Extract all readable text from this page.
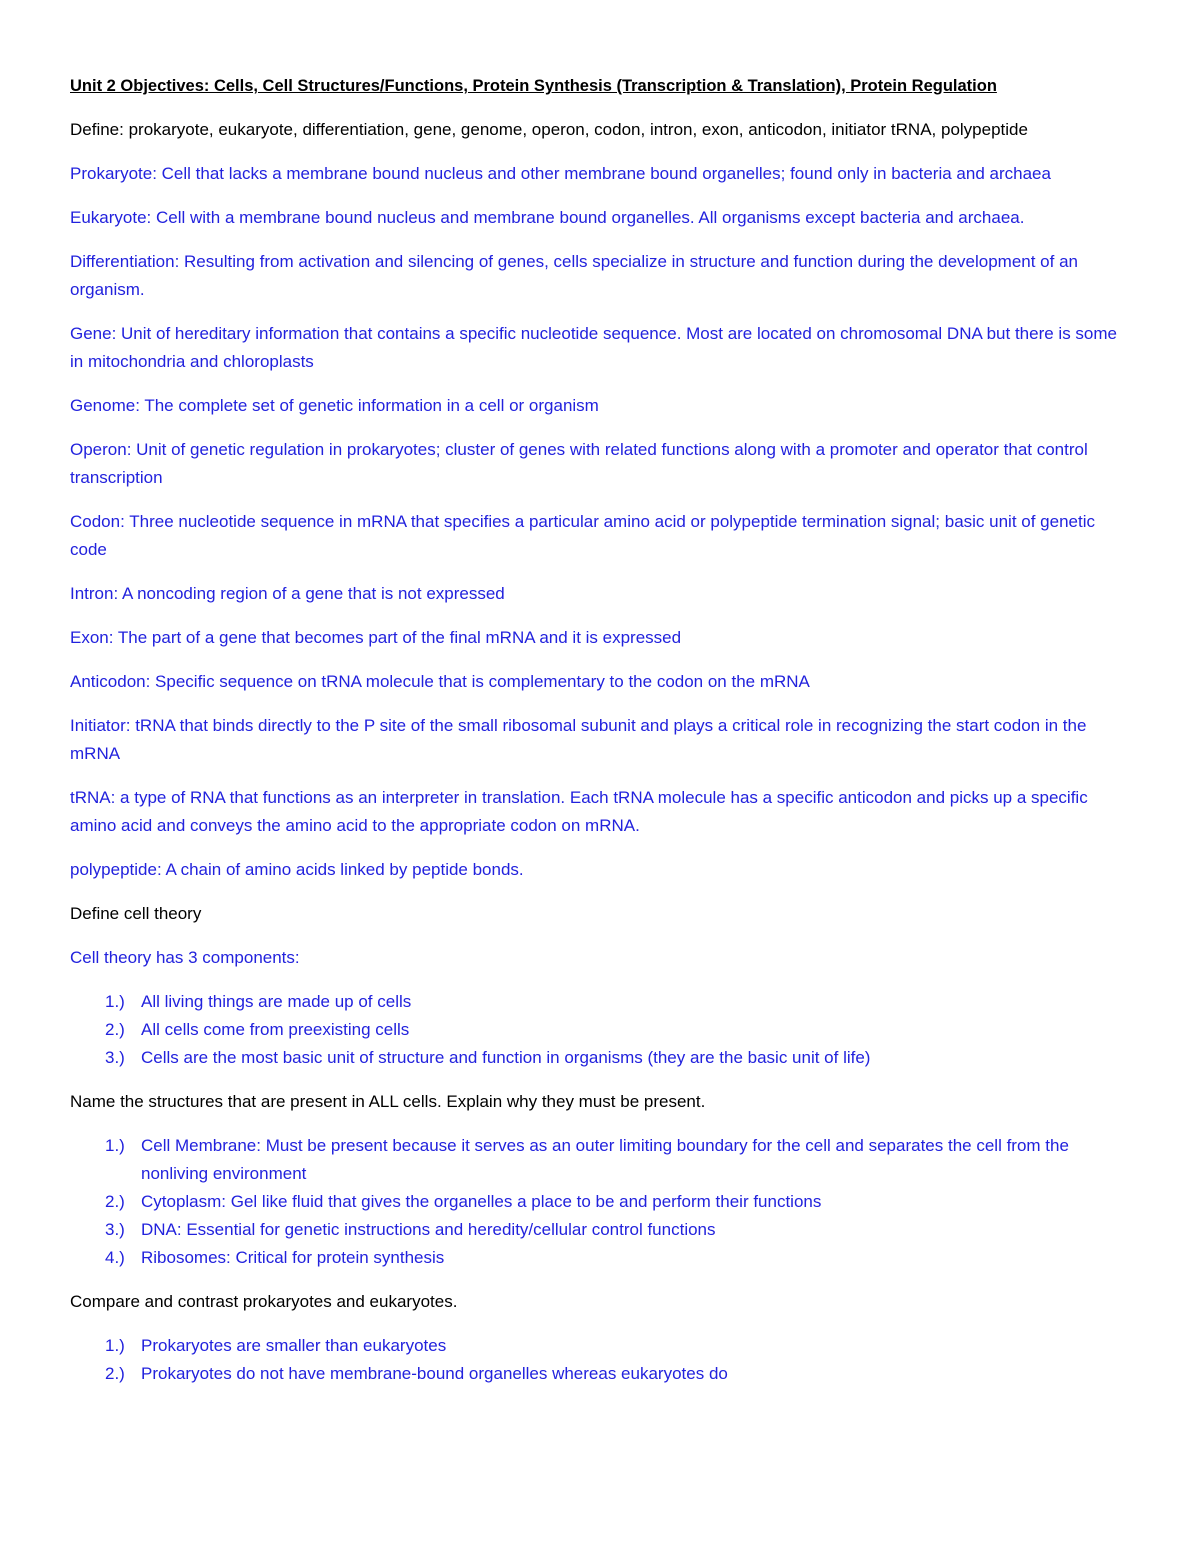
Unit 2 Objectives: Cells, Cell Structures/Functions, Protein Synthesis (Transcription & Translation), Protein Regulation

Define: prokaryote, eukaryote, differentiation, gene, genome, operon, codon, intron, exon, anticodon, initiator tRNA, polypeptide

Prokaryote: Cell that lacks a membrane bound nucleus and other membrane bound organelles; found only in bacteria and archaea

Eukaryote: Cell with a membrane bound nucleus and membrane bound organelles. All organisms except bacteria and archaea.

Differentiation: Resulting from activation and silencing of genes, cells specialize in structure and function during the development of an organism.

Gene: Unit of hereditary information that contains a specific nucleotide sequence. Most are located on chromosomal DNA but there is some in mitochondria and chloroplasts

Genome: The complete set of genetic information in a cell or organism

Operon: Unit of genetic regulation in prokaryotes; cluster of genes with related functions along with a promoter and operator that control transcription

Codon: Three nucleotide sequence in mRNA that specifies a particular amino acid or polypeptide termination signal; basic unit of genetic code

Intron: A noncoding region of a gene that is not expressed

Exon: The part of a gene that becomes part of the final mRNA and it is expressed

Anticodon: Specific sequence on tRNA molecule that is complementary to the codon on the mRNA

Initiator: tRNA that binds directly to the P site of the small ribosomal subunit and plays a critical role in recognizing the start codon in the mRNA

tRNA: a type of RNA that functions as an interpreter in translation. Each tRNA molecule has a specific anticodon and picks up a specific amino acid and conveys the amino acid to the appropriate codon on mRNA.

polypeptide: A chain of amino acids linked by peptide bonds.

Define cell theory

Cell theory has 3 components:

1.) All living things are made up of cells
2.) All cells come from preexisting cells
3.) Cells are the most basic unit of structure and function in organisms (they are the basic unit of life)

Name the structures that are present in ALL cells. Explain why they must be present.

1.) Cell Membrane: Must be present because it serves as an outer limiting boundary for the cell and separates the cell from the nonliving environment
2.) Cytoplasm: Gel like fluid that gives the organelles a place to be and perform their functions
3.) DNA: Essential for genetic instructions and heredity/cellular control functions
4.) Ribosomes: Critical for protein synthesis

Compare and contrast prokaryotes and eukaryotes.

1.) Prokaryotes are smaller than eukaryotes
2.) Prokaryotes do not have membrane-bound organelles whereas eukaryotes do
